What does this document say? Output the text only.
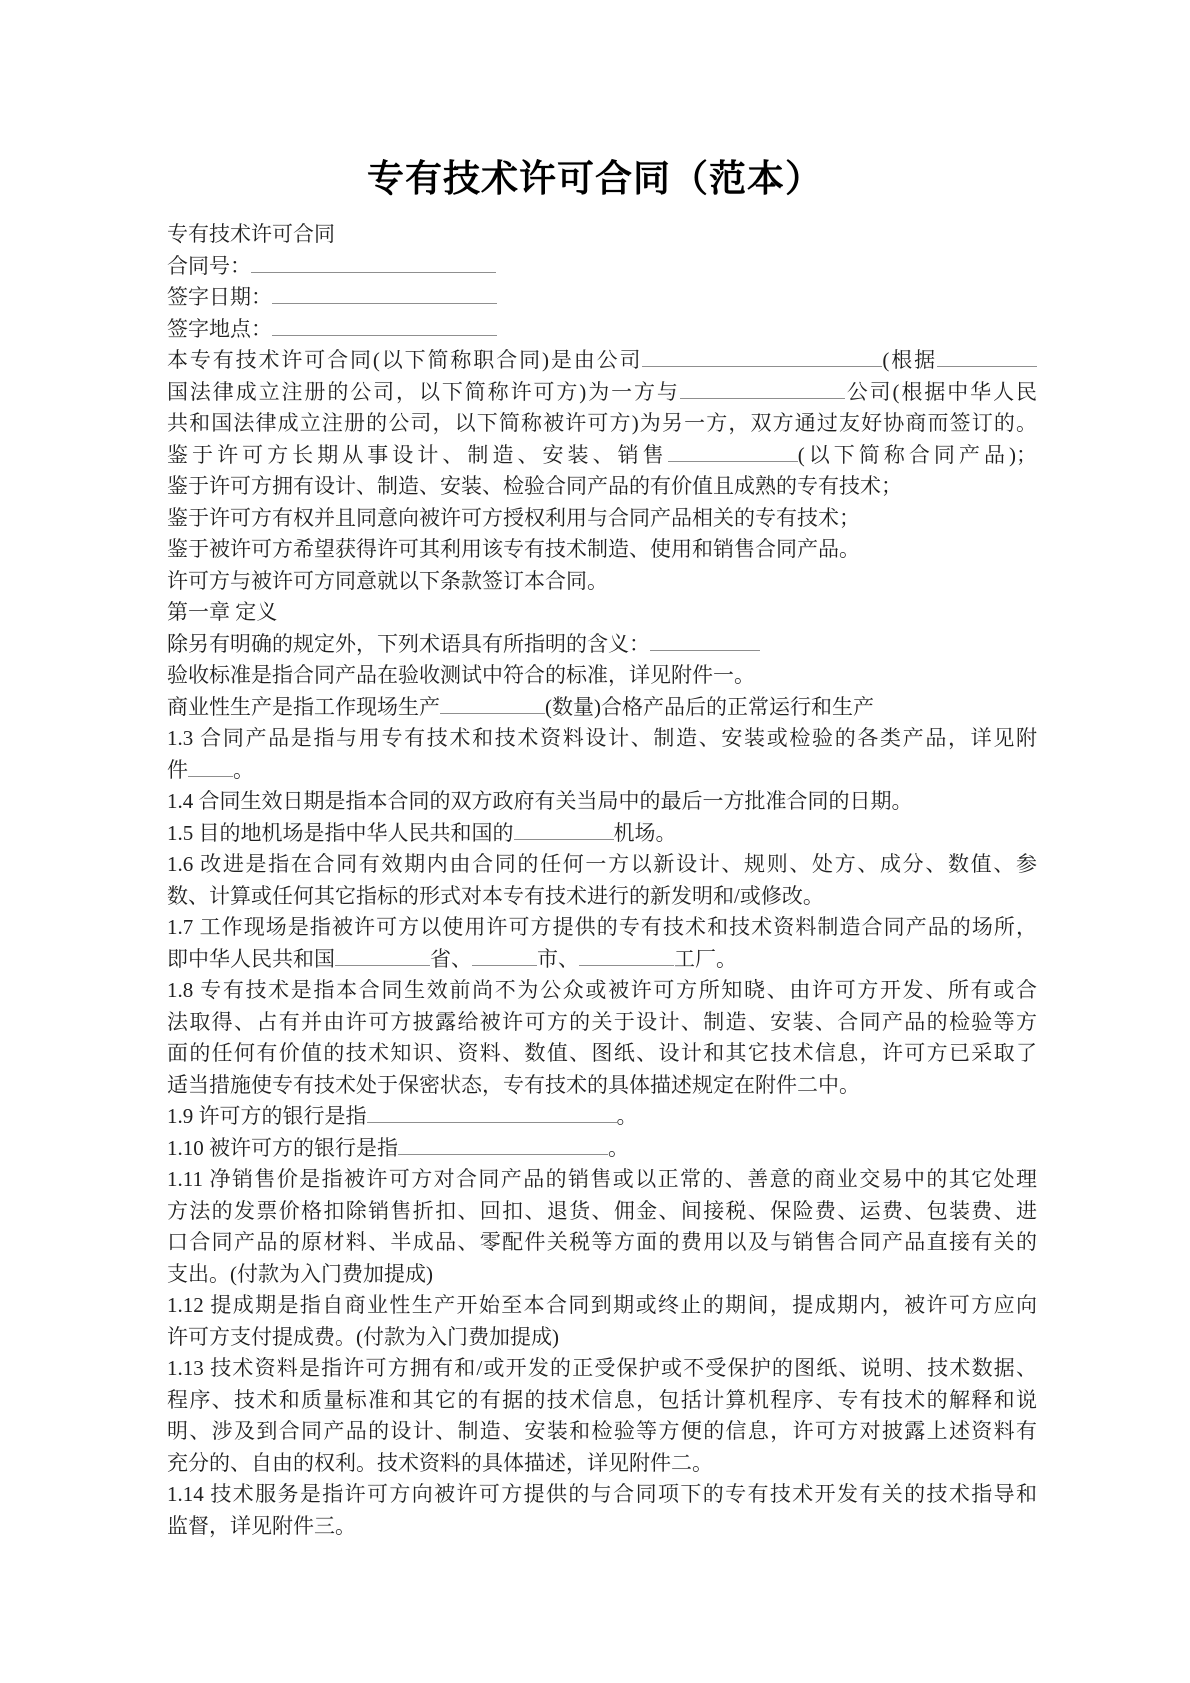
专有技术许可合同（范本）
专有技术许可合同
合同号：
签字日期：
签字地点：
本专有技术许可合同(以下简称职合同)是由公司	(根据
国法律成立注册的公司，以下简称许可方)为一方与	公司(根据中华人民
共和国法律成立注册的公司，以下简称被许可方)为另一方，双方通过友好协商而签订的。
鉴于许可方长期从事设计、制造、安装、销售	(以下简称合同产品)；
鉴于许可方拥有设计、制造、安装、检验合同产品的有价值且成熟的专有技术；
鉴于许可方有权并且同意向被许可方授权利用与合同产品相关的专有技术；
鉴于被许可方希望获得许可其利用该专有技术制造、使用和销售合同产品。
许可方与被许可方同意就以下条款签订本合同。
第一章 定义
除另有明确的规定外，下列术语具有所指明的含义：
验收标准是指合同产品在验收测试中符合的标准，详见附件一。
商业性生产是指工作现场生产	(数量)合格产品后的正常运行和生产
1.3 合同产品是指与用专有技术和技术资料设计、制造、安装或检验的各类产品，详见附
件 。
1.4 合同生效日期是指本合同的双方政府有关当局中的最后一方批准合同的日期。
1.5 目的地机场是指中华人民共和国的	机场。
1.6 改进是指在合同有效期内由合同的任何一方以新设计、规则、处方、成分、数值、参
数、计算或任何其它指标的形式对本专有技术进行的新发明和/或修改。
1.7 工作现场是指被许可方以使用许可方提供的专有技术和技术资料制造合同产品的场所，
即中华人民共和国	省、	市、	工厂。
1.8 专有技术是指本合同生效前尚不为公众或被许可方所知晓、由许可方开发、所有或合
法取得、占有并由许可方披露给被许可方的关于设计、制造、安装、合同产品的检验等方
面的任何有价值的技术知识、资料、数值、图纸、设计和其它技术信息，许可方已采取了
适当措施使专有技术处于保密状态，专有技术的具体描述规定在附件二中。
1.9 许可方的银行是指	。
1.10 被许可方的银行是指	。
1.11 净销售价是指被许可方对合同产品的销售或以正常的、善意的商业交易中的其它处理
方法的发票价格扣除销售折扣、回扣、退货、佣金、间接税、保险费、运费、包装费、进
口合同产品的原材料、半成品、零配件关税等方面的费用以及与销售合同产品直接有关的
支出。(付款为入门费加提成)
1.12 提成期是指自商业性生产开始至本合同到期或终止的期间，提成期内，被许可方应向
许可方支付提成费。(付款为入门费加提成)
1.13 技术资料是指许可方拥有和/或开发的正受保护或不受保护的图纸、说明、技术数据、
程序、技术和质量标准和其它的有据的技术信息，包括计算机程序、专有技术的解释和说
明、涉及到合同产品的设计、制造、安装和检验等方便的信息，许可方对披露上述资料有
充分的、自由的权利。技术资料的具体描述，详见附件二。
1.14 技术服务是指许可方向被许可方提供的与合同项下的专有技术开发有关的技术指导和
监督，详见附件三。
